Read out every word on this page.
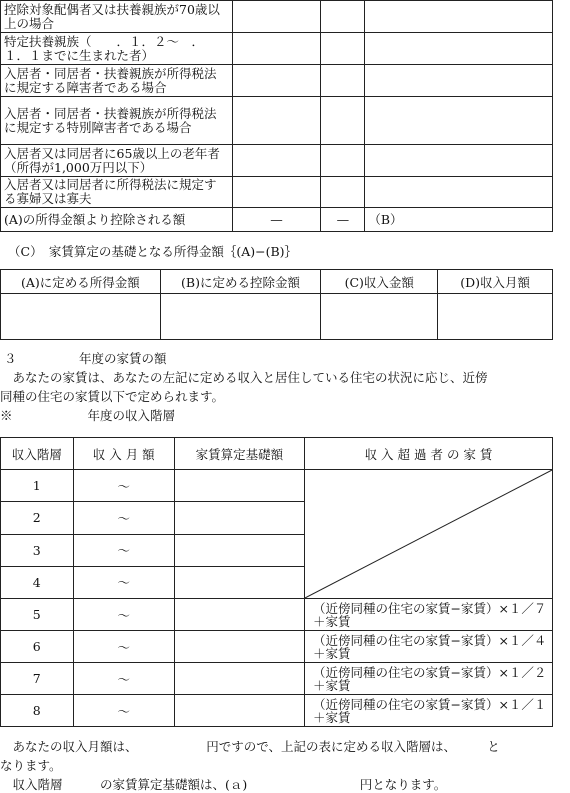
控除対象配偶者又は扶養親族が70歳以上の場合			
特定扶養親族（　　．１．２〜　．１．１までに生まれた者）			
入居者・同居者・扶養親族が所得税法に規定する障害者である場合			
入居者・同居者・扶養親族が所得税法に規定する特別障害者である場合			
入居者又は同居者に65歳以上の老年者（所得が1,000万円以下）			
入居者又は同居者に所得税法に規定する寡婦又は寡夫			
(A)の所得金額より控除される額	—	—	（B）
（C）　家賃算定の基礎となる所得金額｛(A)−(B)｝
(A)に定める所得金額	(B)に定める控除金額	(C)収入金額	(D)収入月額

３　　　　　年度の家賃の額
　あなたの家賃は、あなたの左記に定める収入と居住している住宅の状況に応じ、近傍
同種の住宅の家賃以下で定められます。
※　　　　　　年度の収入階層
収入階層	収 入 月 額	家賃算定基礎額	収 入 超 過 者 の 家 賃
1	〜		

2	〜		
3	〜		
4	〜		
5	〜		（近傍同種の住宅の家賃−家賃）×１／７＋家賃
6	〜		（近傍同種の住宅の家賃−家賃）×１／４＋家賃
7	〜		（近傍同種の住宅の家賃−家賃）×１／２＋家賃
8	〜		（近傍同種の住宅の家賃−家賃）×１／１＋家賃
　あなたの収入月額は、　　　　　　円ですので、上記の表に定める収入階層は、　　　と
なります。
　収入階層　　　の家賃算定基礎額は、(ａ)　　　　　　　　　円となります。
